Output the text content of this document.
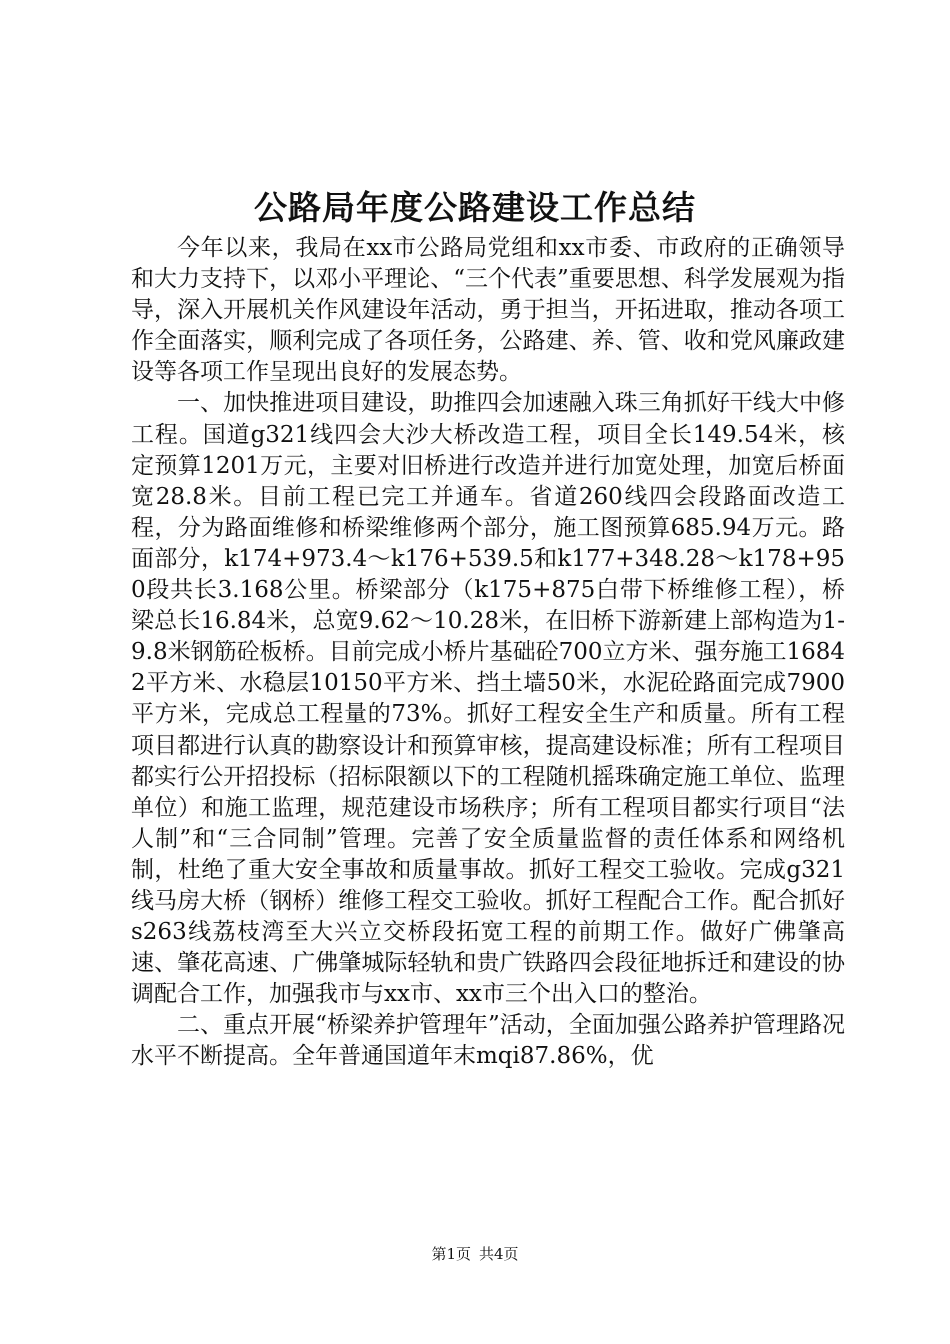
公路局年度公路建设工作总结

今年以来，我局在xx市公路局党组和xx市委、市政府的正确领导和大力支持下，以邓小平理论、“三个代表”重要思想、科学发展观为指导，深入开展机关作风建设年活动，勇于担当，开拓进取，推动各项工作全面落实，顺利完成了各项任务，公路建、养、管、收和党风廉政建设等各项工作呈现出良好的发展态势。

一、加快推进项目建设，助推四会加速融入珠三角抓好干线大中修工程。国道g321线四会大沙大桥改造工程，项目全长149.54米，核定预算1201万元，主要对旧桥进行改造并进行加宽处理，加宽后桥面宽28.8米。目前工程已完工并通车。省道260线四会段路面改造工程，分为路面维修和桥梁维修两个部分，施工图预算685.94万元。路面部分，k174+973.4～k176+539.5和k177+348.28～k178+950段共长3.168公里。桥梁部分（k175+875白带下桥维修工程），桥梁总长16.84米，总宽9.62～10.28米，在旧桥下游新建上部构造为1-9.8米钢筋砼板桥。目前完成小桥片基础砼700立方米、强夯施工16842平方米、水稳层10150平方米、挡土墙50米，水泥砼路面完成7900平方米，完成总工程量的73%。抓好工程安全生产和质量。所有工程项目都进行认真的勘察设计和预算审核，提高建设标准；所有工程项目都实行公开招投标（招标限额以下的工程随机摇珠确定施工单位、监理单位）和施工监理，规范建设市场秩序；所有工程项目都实行项目“法人制”和“三合同制”管理。完善了安全质量监督的责任体系和网络机制，杜绝了重大安全事故和质量事故。抓好工程交工验收。完成g321线马房大桥（钢桥）维修工程交工验收。抓好工程配合工作。配合抓好s263线荔枝湾至大兴立交桥段拓宽工程的前期工作。做好广佛肇高速、肇花高速、广佛肇城际轻轨和贵广铁路四会段征地拆迁和建设的协调配合工作，加强我市与xx市、xx市三个出入口的整治。

二、重点开展“桥梁养护管理年”活动，全面加强公路养护管理路况水平不断提高。全年普通国道年末mqi87.86%，优

第1页 共4页
